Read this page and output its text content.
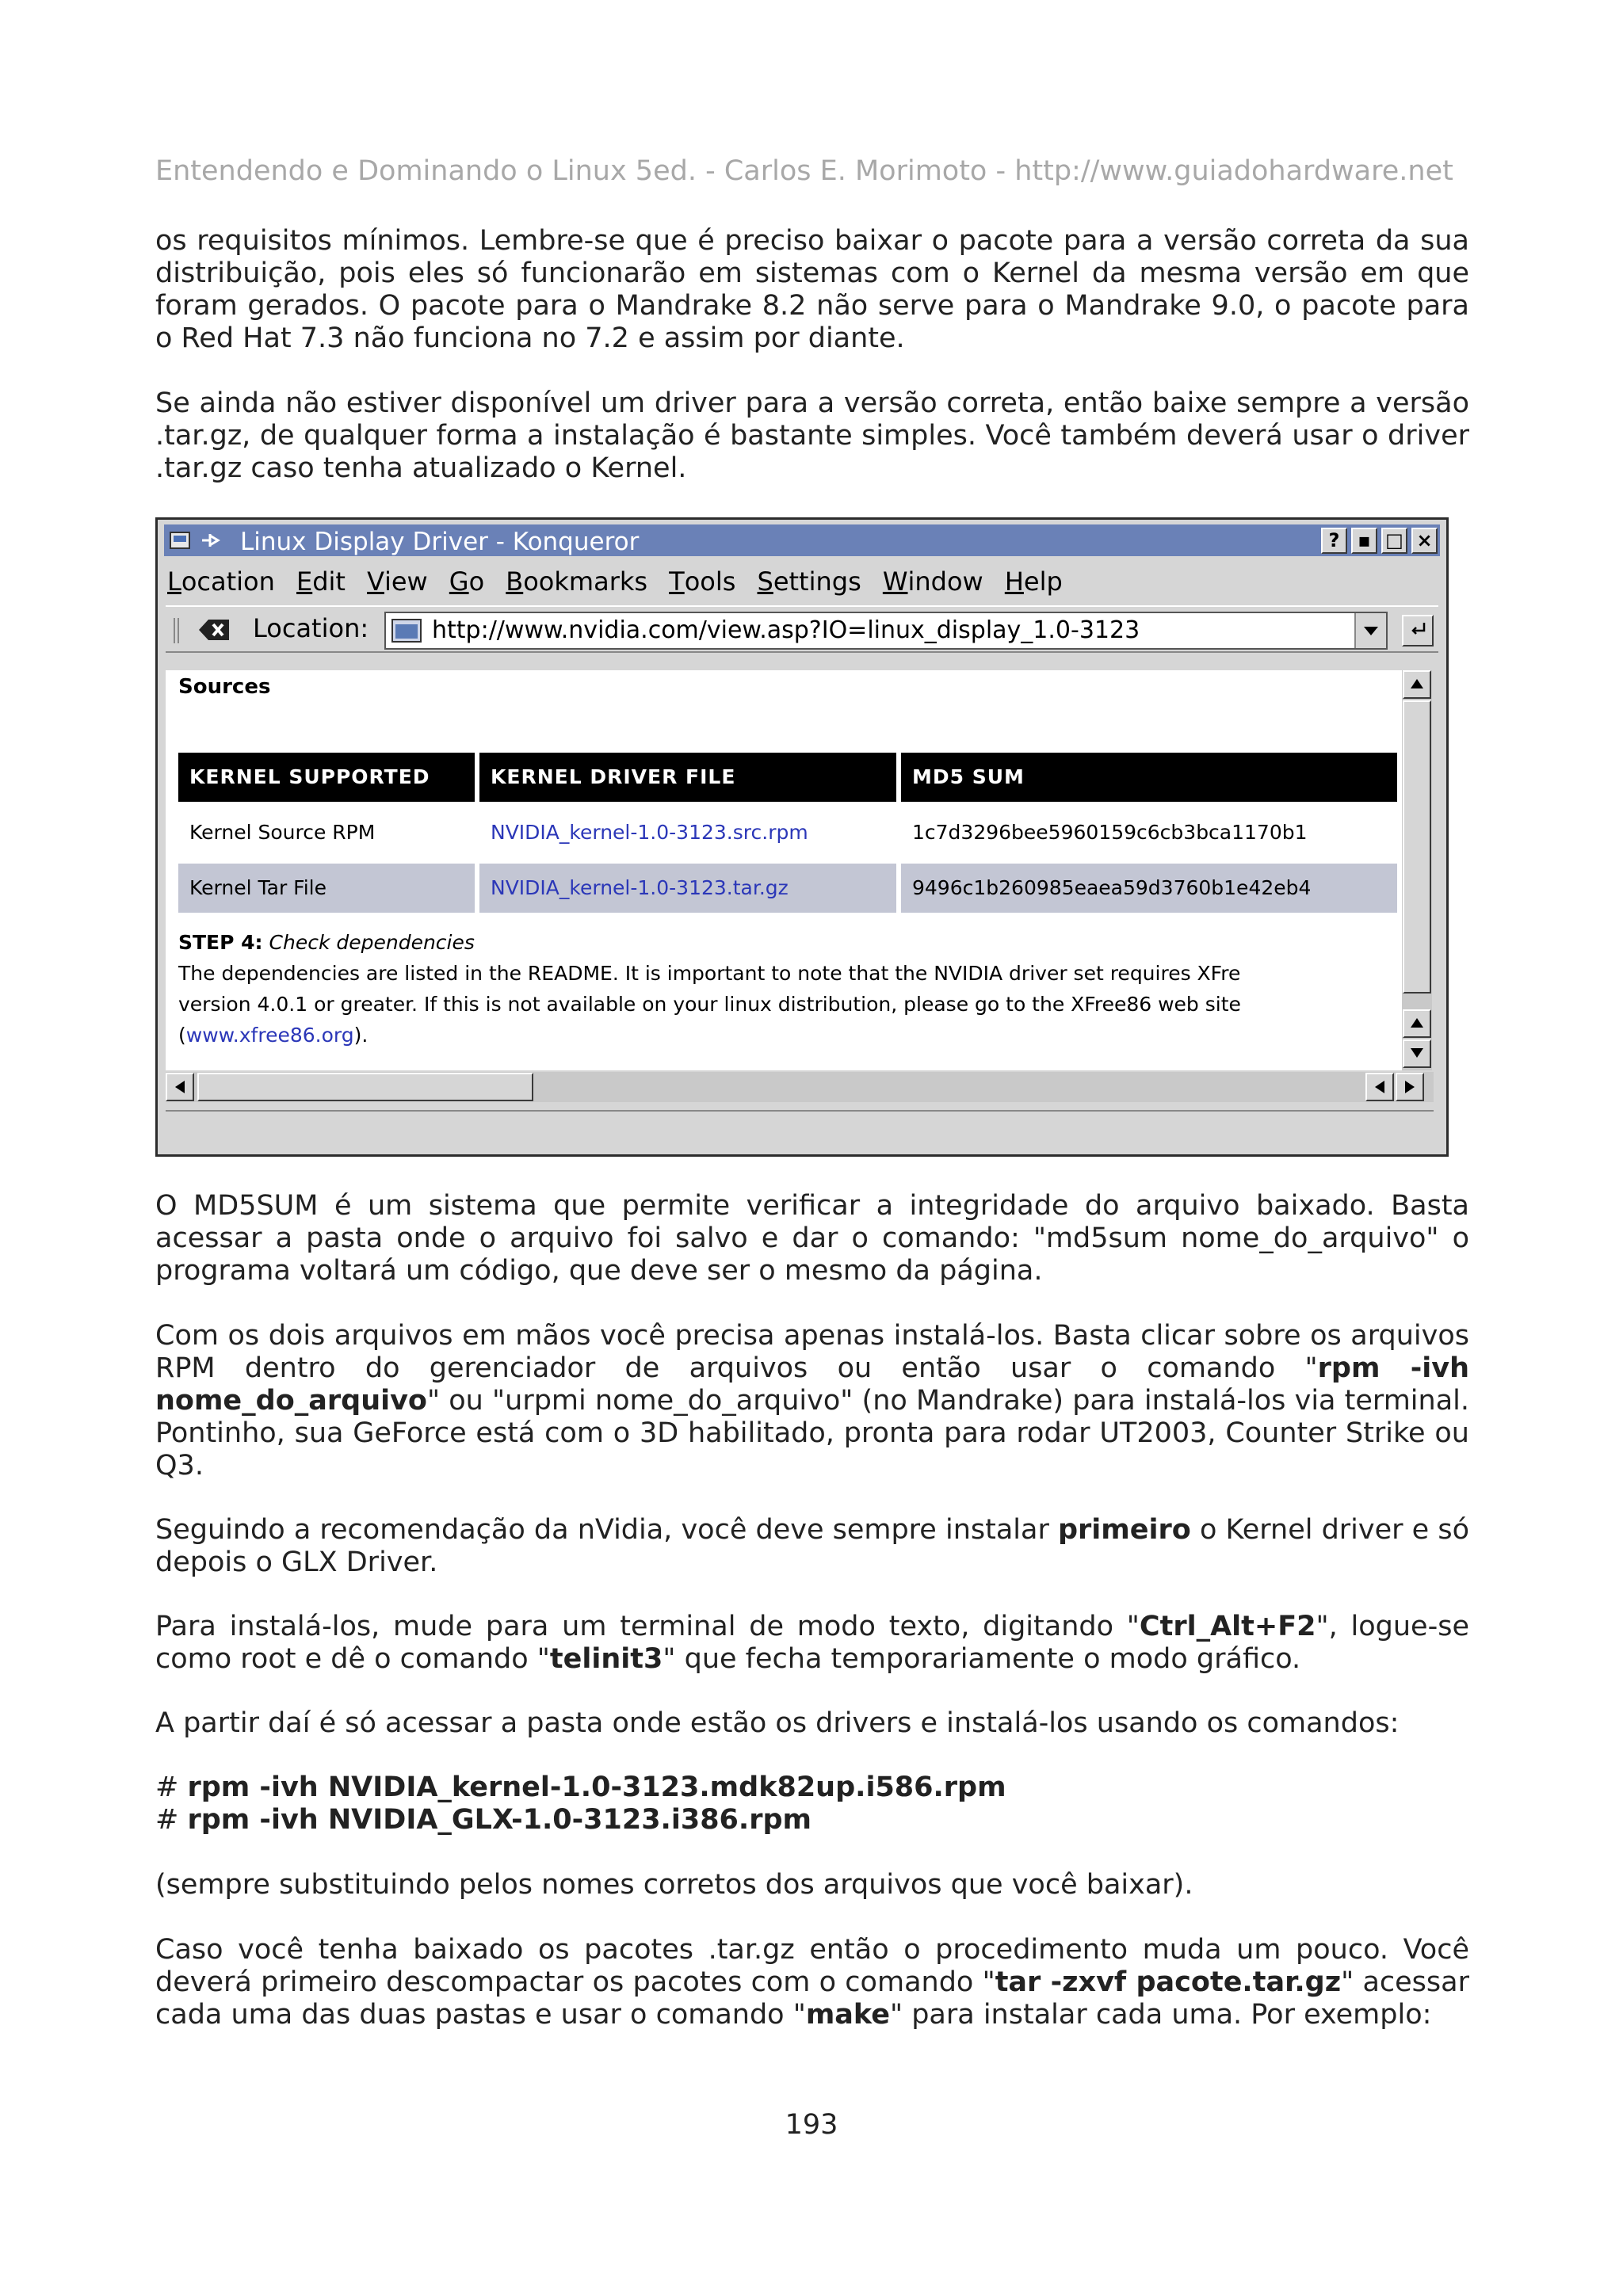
Entendendo e Dominando o Linux 5ed. - Carlos E. Morimoto - http://www.guiadohardware.net

os requisitos mínimos. Lembre-se que é preciso baixar o pacote para a versão correta da sua distribuição, pois eles só funcionarão em sistemas com o Kernel da mesma versão em que foram gerados. O pacote para o Mandrake 8.2 não serve para o Mandrake 9.0, o pacote para o Red Hat 7.3 não funciona no 7.2 e assim por diante.

Se ainda não estiver disponível um driver para a versão correta, então baixe sempre a versão .tar.gz, de qualquer forma a instalação é bastante simples. Você também deverá usar o driver .tar.gz caso tenha atualizado o Kernel.

Linux Display Driver - Konqueror	? ▪ □ ×
Location Edit View Go Bookmarks Tools Settings Window Help
Location:	http://www.nvidia.com/view.asp?IO=linux_display_1.0-3123
Sources
KERNEL SUPPORTED	KERNEL DRIVER FILE	MD5 SUM
Kernel Source RPM	NVIDIA_kernel-1.0-3123.src.rpm	1c7d3296bee5960159c6cb3bca1170b1
Kernel Tar File	NVIDIA_kernel-1.0-3123.tar.gz	9496c1b260985eaea59d3760b1e42eb4
STEP 4: Check dependencies
The dependencies are listed in the README. It is important to note that the NVIDIA driver set requires XFre
version 4.0.1 or greater. If this is not available on your linux distribution, please go to the XFree86 web site
(www.xfree86.org).

O MD5SUM é um sistema que permite verificar a integridade do arquivo baixado. Basta acessar a pasta onde o arquivo foi salvo e dar o comando: "md5sum nome_do_arquivo" o programa voltará um código, que deve ser o mesmo da página.

Com os dois arquivos em mãos você precisa apenas instalá-los. Basta clicar sobre os arquivos RPM dentro do gerenciador de arquivos ou então usar o comando "rpm -ivh nome_do_arquivo" ou "urpmi nome_do_arquivo" (no Mandrake) para instalá-los via terminal. Pontinho, sua GeForce está com o 3D habilitado, pronta para rodar UT2003, Counter Strike ou Q3.

Seguindo a recomendação da nVidia, você deve sempre instalar primeiro o Kernel driver e só depois o GLX Driver.

Para instalá-los, mude para um terminal de modo texto, digitando "Ctrl_Alt+F2", logue-se como root e dê o comando "telinit3" que fecha temporariamente o modo gráfico.

A partir daí é só acessar a pasta onde estão os drivers e instalá-los usando os comandos:

# rpm -ivh NVIDIA_kernel-1.0-3123.mdk82up.i586.rpm
# rpm -ivh NVIDIA_GLX-1.0-3123.i386.rpm

(sempre substituindo pelos nomes corretos dos arquivos que você baixar).

Caso você tenha baixado os pacotes .tar.gz então o procedimento muda um pouco. Você deverá primeiro descompactar os pacotes com o comando "tar -zxvf pacote.tar.gz" acessar cada uma das duas pastas e usar o comando "make" para instalar cada uma. Por exemplo:

193
